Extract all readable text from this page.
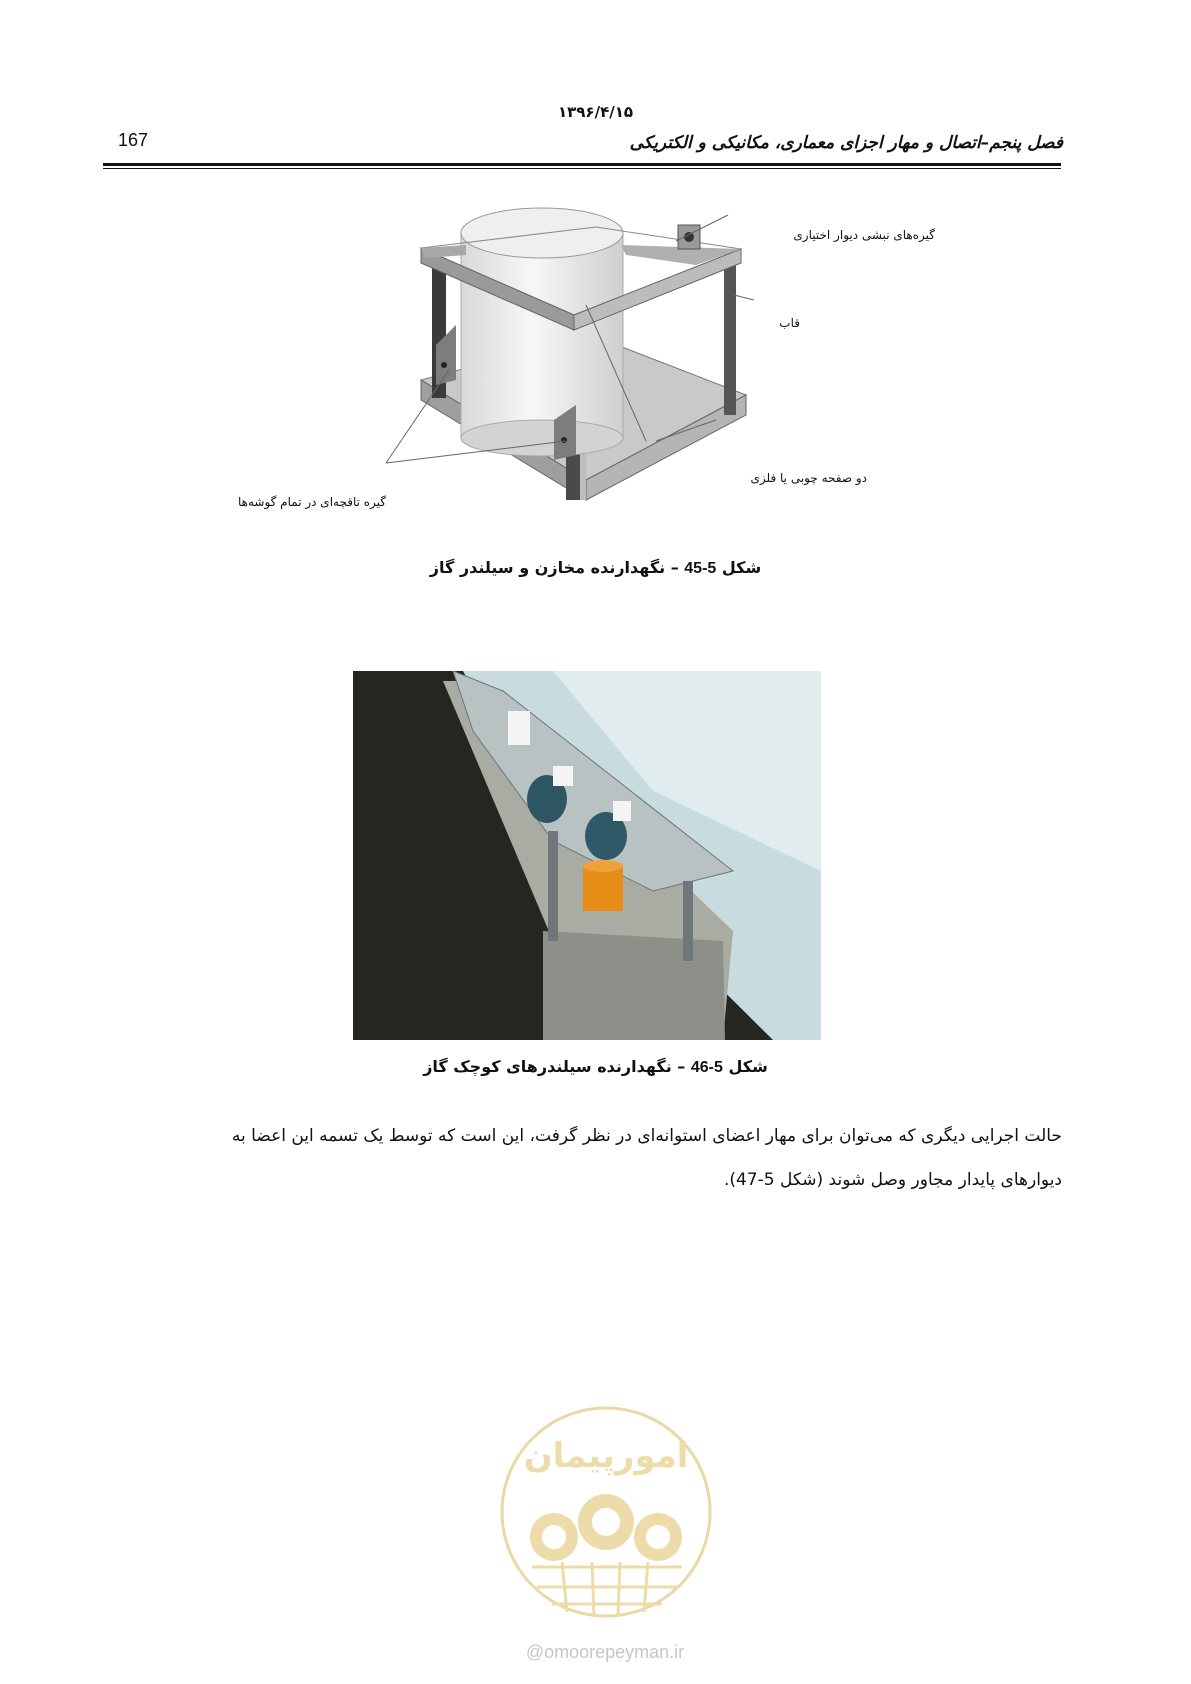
۱۳۹۶/۴/۱۵
167	فصل پنجم–اتصال و مهار اجزای معماری، مکانیکی و الکتریکی
گیره‌های نبشی دیوار اختیاری
قاب
دو صفحه چوبی یا فلزی
گیره تاقچه‌ای در تمام گوشه‌ها
شکل 5-45 – نگهدارنده مخازن و سیلندر گاز
شکل 5-46 – نگهدارنده سیلندرهای کوچک گاز

حالت اجرایی دیگری که می‌توان برای مهار اعضای استوانه‌ای در نظر گرفت، این است که توسط یک تسمه این اعضا به

دیوارهای پایدار مجاور وصل شوند (شکل 5-47).

امورپیمان
@omoorepeyman.ir
